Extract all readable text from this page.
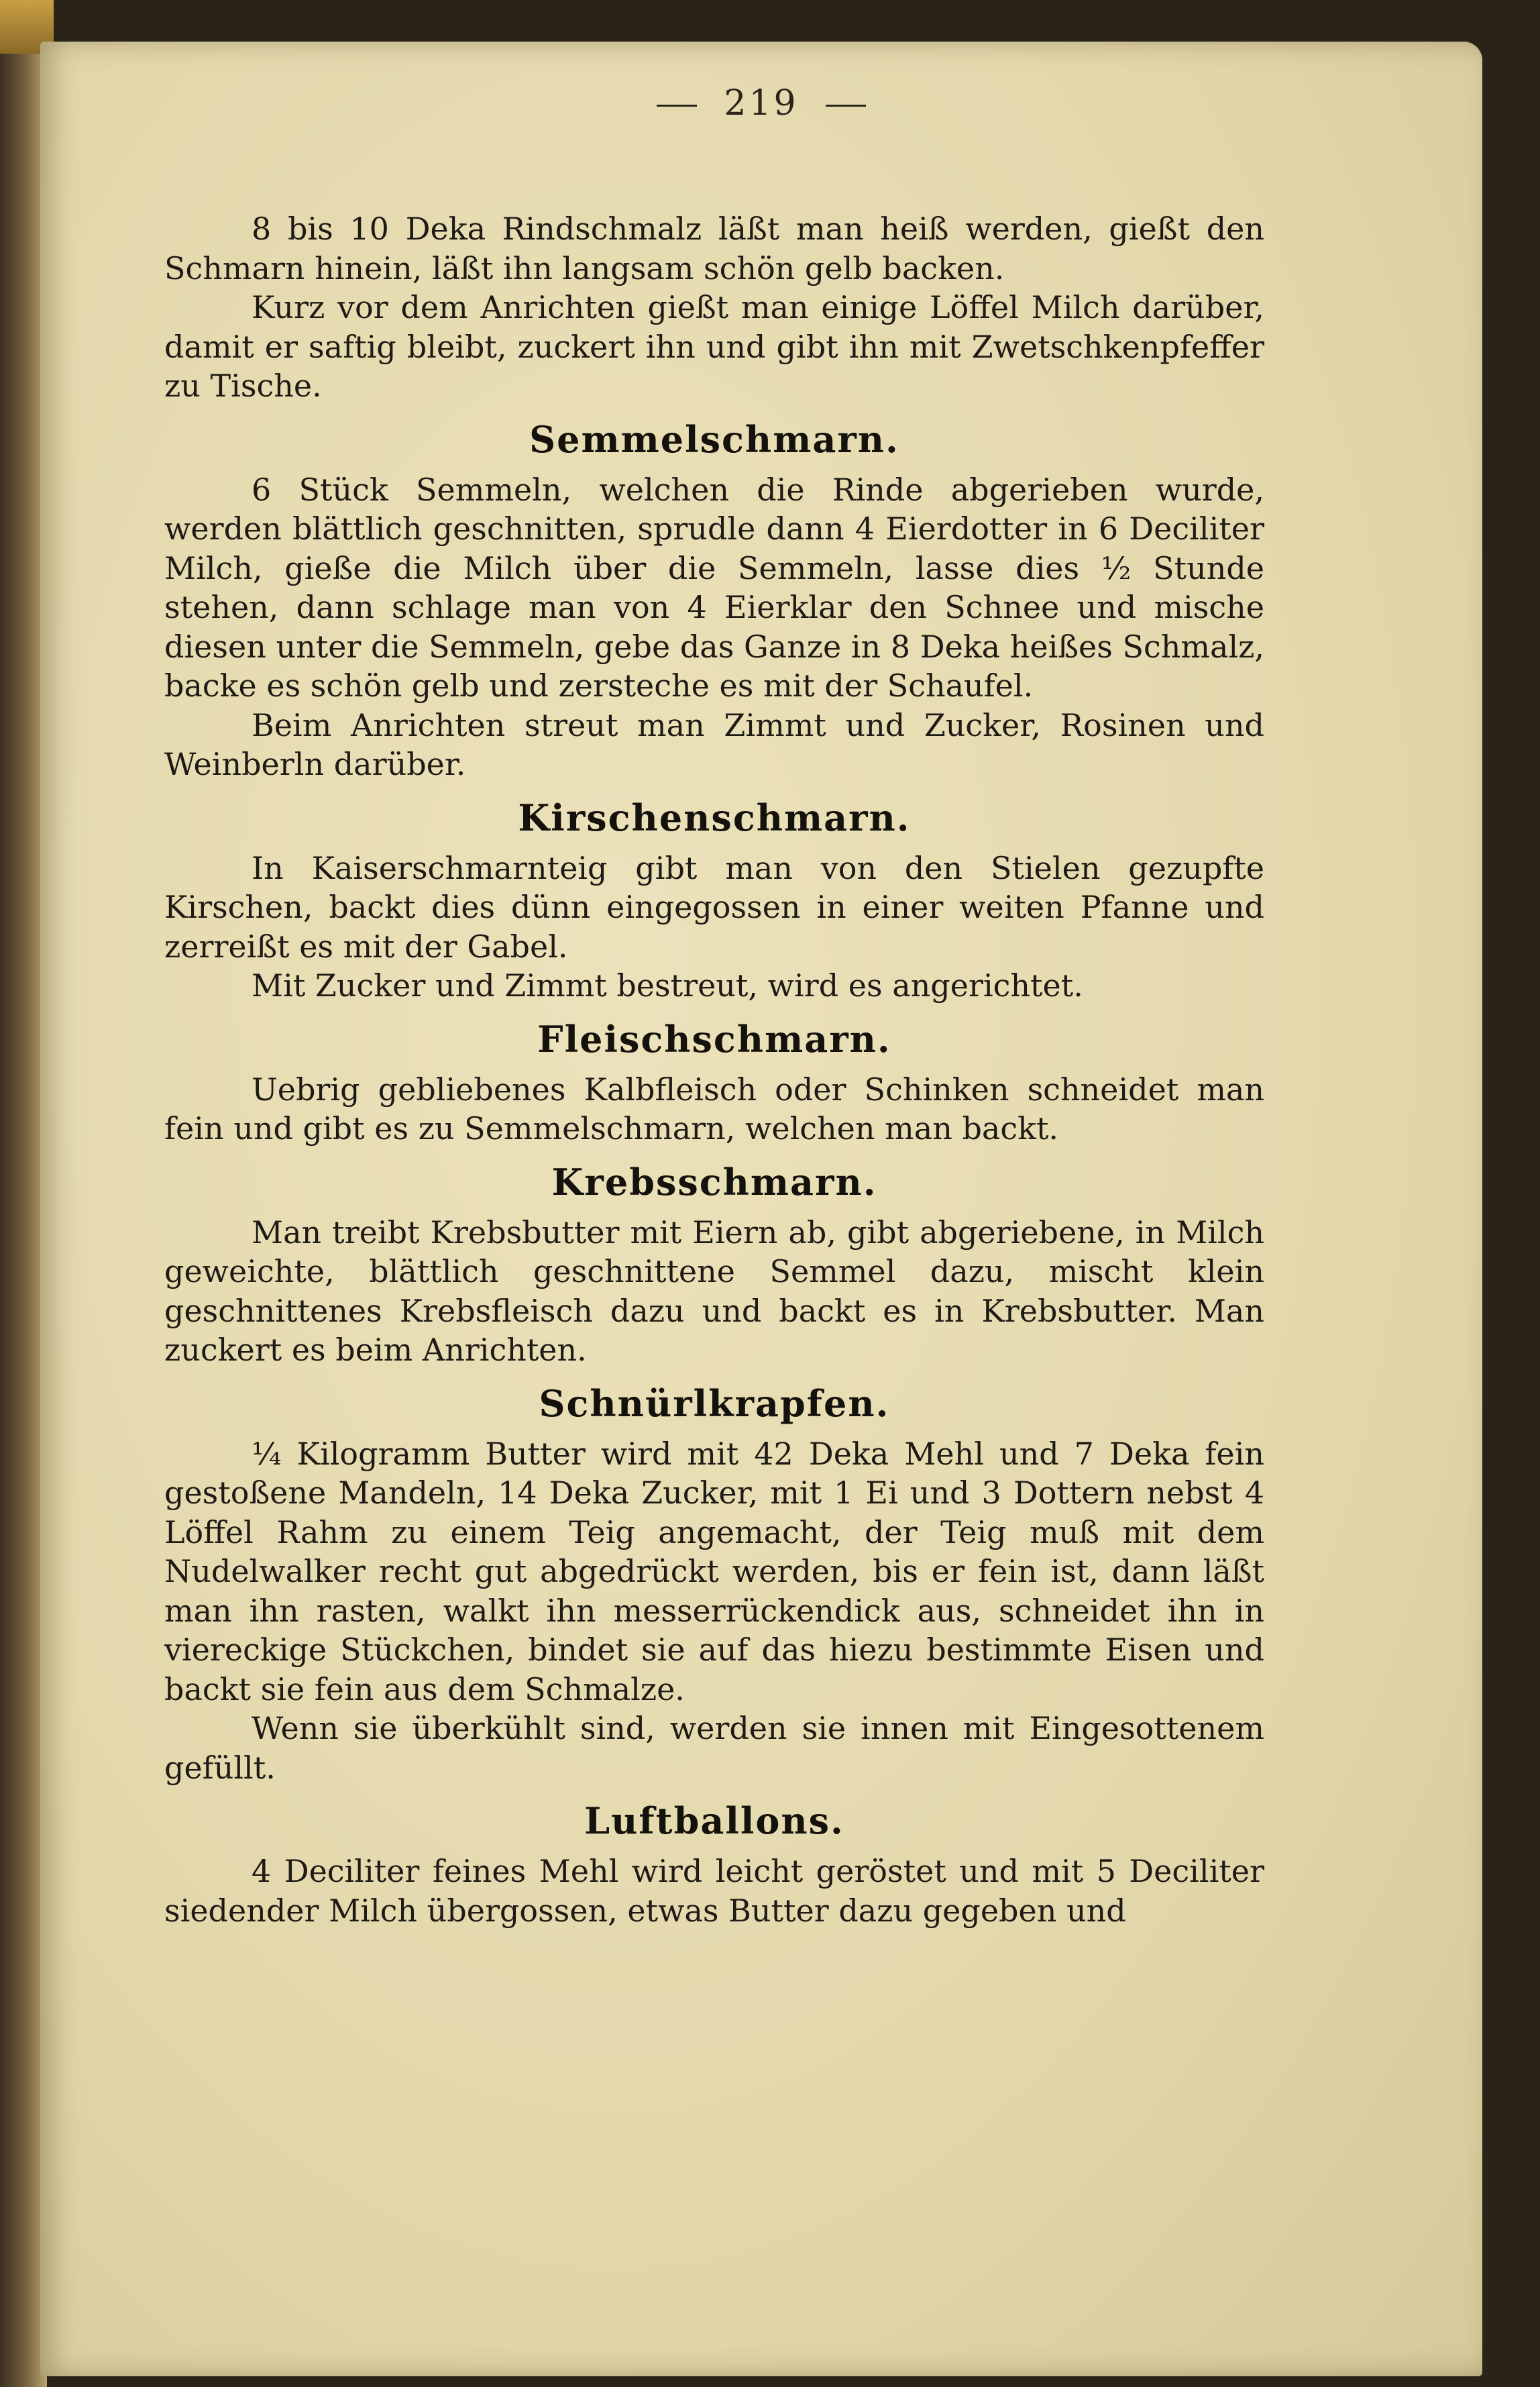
219

8 bis 10 Deka Rindschmalz läßt man heiß werden, gießt den Schmarn hinein, läßt ihn langsam schön gelb backen.

Kurz vor dem Anrichten gießt man einige Löffel Milch darüber, damit er saftig bleibt, zuckert ihn und gibt ihn mit Zwetschkenpfeffer zu Tische.

Semmelschmarn.

6 Stück Semmeln, welchen die Rinde abgerieben wurde, werden blättlich geschnitten, sprudle dann 4 Eierdotter in 6 Deciliter Milch, gieße die Milch über die Semmeln, lasse dies ½ Stunde stehen, dann schlage man von 4 Eierklar den Schnee und mische diesen unter die Semmeln, gebe das Ganze in 8 Deka heißes Schmalz, backe es schön gelb und zersteche es mit der Schaufel.

Beim Anrichten streut man Zimmt und Zucker, Rosinen und Weinberln darüber.

Kirschenschmarn.

In Kaiserschmarnteig gibt man von den Stielen gezupfte Kirschen, backt dies dünn eingegossen in einer weiten Pfanne und zerreißt es mit der Gabel.

Mit Zucker und Zimmt bestreut, wird es angerichtet.

Fleischschmarn.

Uebrig gebliebenes Kalbfleisch oder Schinken schneidet man fein und gibt es zu Semmelschmarn, welchen man backt.

Krebsschmarn.

Man treibt Krebsbutter mit Eiern ab, gibt abgeriebene, in Milch geweichte, blättlich geschnittene Semmel dazu, mischt klein geschnittenes Krebsfleisch dazu und backt es in Krebsbutter. Man zuckert es beim Anrichten.

Schnürlkrapfen.

¼ Kilogramm Butter wird mit 42 Deka Mehl und 7 Deka fein gestoßene Mandeln, 14 Deka Zucker, mit 1 Ei und 3 Dottern nebst 4 Löffel Rahm zu einem Teig angemacht, der Teig muß mit dem Nudelwalker recht gut abgedrückt werden, bis er fein ist, dann läßt man ihn rasten, walkt ihn messerrückendick aus, schneidet ihn in viereckige Stückchen, bindet sie auf das hiezu bestimmte Eisen und backt sie fein aus dem Schmalze.

Wenn sie überkühlt sind, werden sie innen mit Eingesottenem gefüllt.

Luftballons.

4 Deciliter feines Mehl wird leicht geröstet und mit 5 Deciliter siedender Milch übergossen, etwas Butter dazu gegeben und
